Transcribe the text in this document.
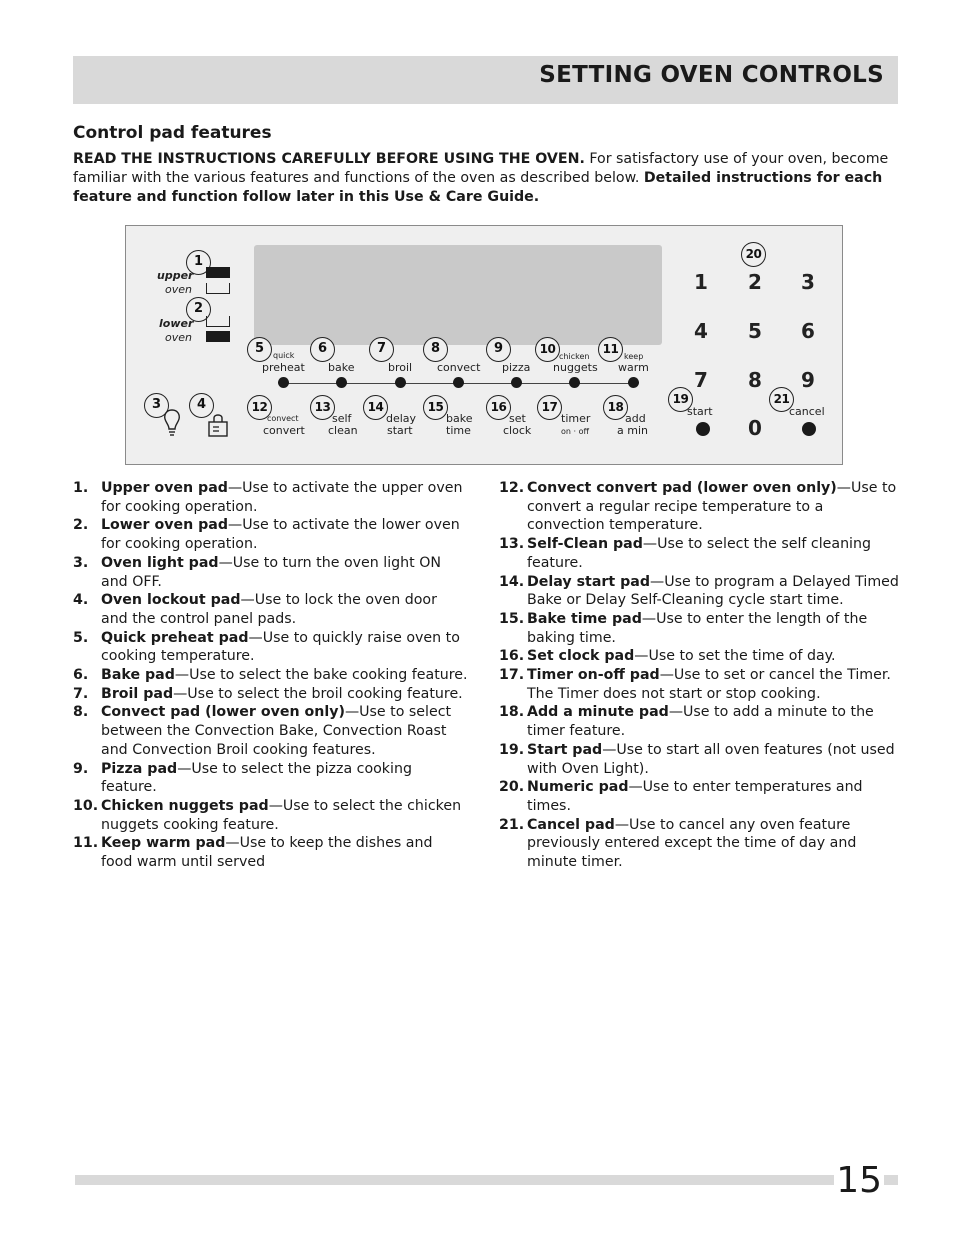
SETTING OVEN CONTROLS
Control pad features

READ THE INSTRUCTIONS CAREFULLY BEFORE USING THE OVEN. For satisfactory use of your oven, become familiar with the various features and functions of the oven as described below. Detailed instructions for each feature and function follow later in this Use & Care Guide.

1
upper
oven
2
lower
oven
3	4
5	6	7	8	9	10	11
quick
preheat bake	broil convect pizza
chicken
nuggets
keep
warm
12	13	14	15	16	17	18
convect
convert
self
clean
delay
start
bake
time
set
clock
timer
on · off
add
a min
20
1	2	3
4	5	6
7	8	9
0
19
start
21
cancel
1. Upper oven pad—Use to activate the upper oven for cooking operation.
2. Lower oven pad—Use to activate the lower oven for cooking operation.
3. Oven light pad—Use to turn the oven light ON and OFF.
4. Oven lockout pad—Use to lock the oven door and the control panel pads.
5. Quick preheat pad—Use to quickly raise oven to cooking temperature.
6. Bake pad—Use to select the bake cooking feature.
7. Broil pad—Use to select the broil cooking feature.
8. Convect pad (lower oven only)—Use to select between the Convection Bake, Convection Roast and Convection Broil cooking features.
9. Pizza pad—Use to select the pizza cooking feature.
10. Chicken nuggets pad—Use to select the chicken nuggets cooking feature.
11. Keep warm pad—Use to keep the dishes and food warm until served
12. Convect convert pad (lower oven only)—Use to convert a regular recipe temperature to a convection temperature.
13. Self-Clean pad—Use to select the self cleaning feature.
14. Delay start pad—Use to program a Delayed Timed Bake or Delay Self-Cleaning cycle start time.
15. Bake time pad—Use to enter the length of the baking time.
16. Set clock pad—Use to set the time of day.
17. Timer on-off pad—Use to set or cancel the Timer. The Timer does not start or stop cooking.
18. Add a minute pad—Use to add a minute to the timer feature.
19. Start pad—Use to start all oven features (not used with Oven Light).
20. Numeric pad—Use to enter temperatures and times.
21. Cancel pad—Use to cancel any oven feature previously entered except the time of day and minute timer.
15
